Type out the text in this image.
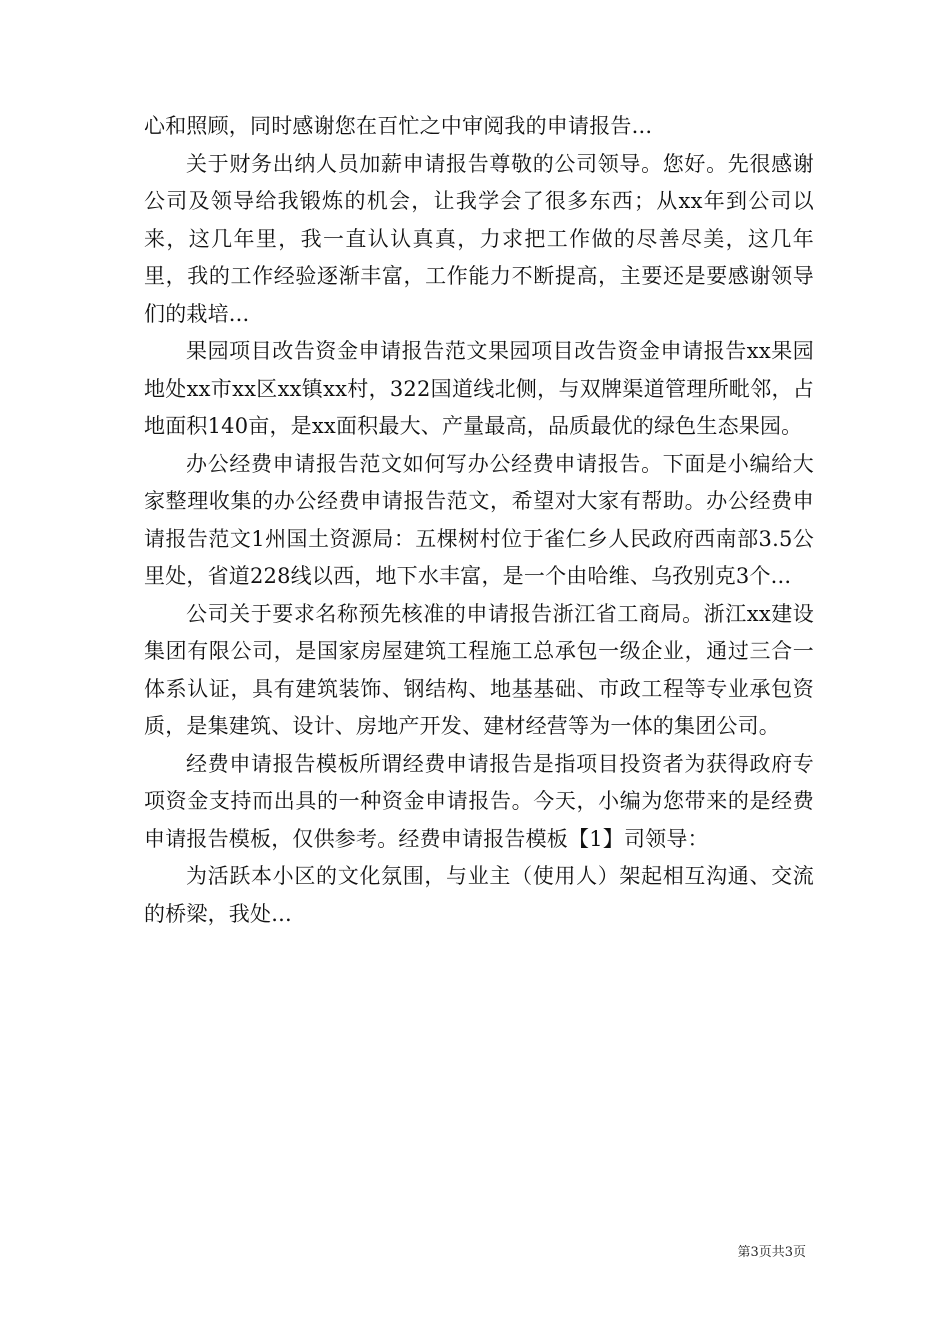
心和照顾，同时感谢您在百忙之中审阅我的申请报告...

关于财务出纳人员加薪申请报告尊敬的公司领导。您好。先很感谢公司及领导给我锻炼的机会，让我学会了很多东西；从xx年到公司以来，这几年里，我一直认认真真，力求把工作做的尽善尽美，这几年里，我的工作经验逐渐丰富，工作能力不断提高，主要还是要感谢领导们的栽培...

果园项目改告资金申请报告范文果园项目改告资金申请报告xx果园地处xx市xx区xx镇xx村，322国道线北侧，与双牌渠道管理所毗邻，占地面积140亩，是xx面积最大、产量最高，品质最优的绿色生态果园。

办公经费申请报告范文如何写办公经费申请报告。下面是小编给大家整理收集的办公经费申请报告范文，希望对大家有帮助。办公经费申请报告范文1州国土资源局：五棵树村位于雀仁乡人民政府西南部3.5公里处，省道228线以西，地下水丰富，是一个由哈维、乌孜别克3个...

公司关于要求名称预先核准的申请报告浙江省工商局。浙江xx建设集团有限公司，是国家房屋建筑工程施工总承包一级企业，通过三合一体系认证，具有建筑装饰、钢结构、地基基础、市政工程等专业承包资质，是集建筑、设计、房地产开发、建材经营等为一体的集团公司。

经费申请报告模板所谓经费申请报告是指项目投资者为获得政府专项资金支持而出具的一种资金申请报告。今天，小编为您带来的是经费申请报告模板，仅供参考。经费申请报告模板【1】司领导：

为活跃本小区的文化氛围，与业主（使用人）架起相互沟通、交流的桥梁，我处...

第3页共3页
